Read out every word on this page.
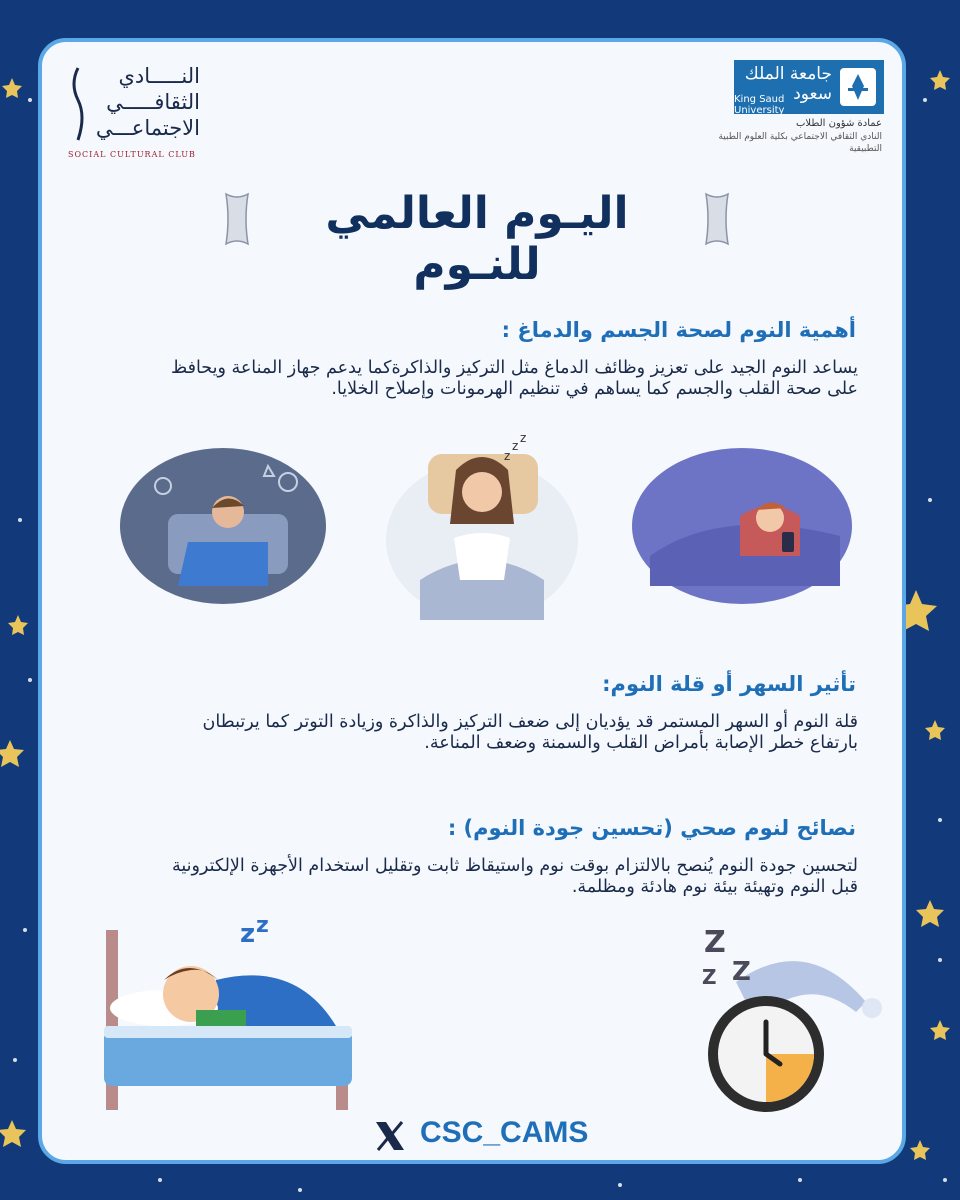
النـــــادي
الثقافـــــي
الاجتماعـــي
SOCIAL CULTURAL CLUB
جامعة الملك سعود
King Saud University
عمادة شؤون الطلاب
النادي الثقافي الاجتماعي بكلية العلوم الطبية
التطبيقية
اليـوم العالمي للنـوم
أهمية النوم لصحة الجسم والدماغ :
يساعد النوم الجيد على تعزيز وظائف الدماغ مثل التركيز والذاكرةكما يدعم جهاز المناعة ويحافظ على صحة القلب والجسم كما يساهم في تنظيم الهرمونات وإصلاح الخلايا.
z
z
z
تأثير السهر أو قلة النوم:
قلة النوم أو السهر المستمر قد يؤديان إلى ضعف التركيز والذاكرة وزيادة التوتر كما يرتبطان بارتفاع خطر الإصابة بأمراض القلب والسمنة وضعف المناعة.
نصائح لنوم صحي (تحسين جودة النوم) :
لتحسين جودة النوم يُنصح بالالتزام بوقت نوم واستيقاظ ثابت وتقليل استخدام الأجهزة الإلكترونية قبل النوم وتهيئة بيئة نوم هادئة ومظلمة.
z z	Z
Z
Z
CSC_CAMS
